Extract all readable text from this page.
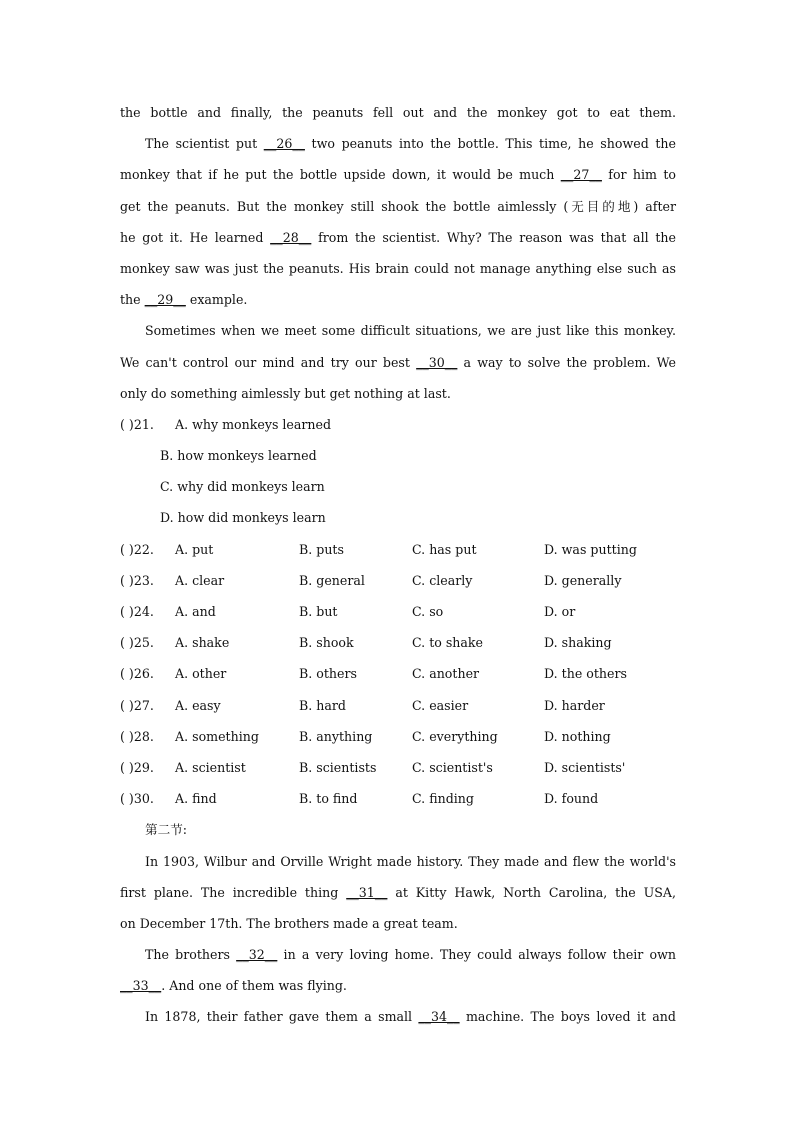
the bottle and finally, the peanuts fell out and the monkey got to eat them.
The scientist put __26__ two peanuts into the bottle. This time, he showed the
monkey that if he put the bottle upside down, it would be much __27__ for him to
get the peanuts. But the monkey still shook the bottle aimlessly (无目的地) after
he got it. He learned __28__ from the scientist. Why? The reason was that all the
monkey saw was just the peanuts. His brain could not manage anything else such as
the __29__ example.
Sometimes when we meet some difficult situations, we are just like this monkey.
We can't control our mind and try our best __30__ a way to solve the problem. We
only do something aimlessly but get nothing at last.
( )21. A. why monkeys learned
B. how monkeys learned
C. why did monkeys learn
D. how did monkeys learn
( )22. A. put	B. puts	C. has put	D. was putting
( )23. A. clear	B. general	C. clearly	D. generally
( )24. A. and	B. but	C. so	D. or
( )25. A. shake	B. shook	C. to shake	D. shaking
( )26. A. other	B. others	C. another	D. the others
( )27. A. easy	B. hard	C. easier	D. harder
( )28. A. something	B. anything	C. everything	D. nothing
( )29. A. scientist	B. scientists	C. scientist's	D. scientists'
( )30. A. find	B. to find	C. finding	D. found
第二节:
In 1903, Wilbur and Orville Wright made history. They made and flew the world's
first plane. The incredible thing __31__ at Kitty Hawk, North Carolina, the USA,
on December 17th. The brothers made a great team.
The brothers __32__ in a very loving home. They could always follow their own
__33__. And one of them was flying.
In 1878, their father gave them a small __34__ machine. The boys loved it and
